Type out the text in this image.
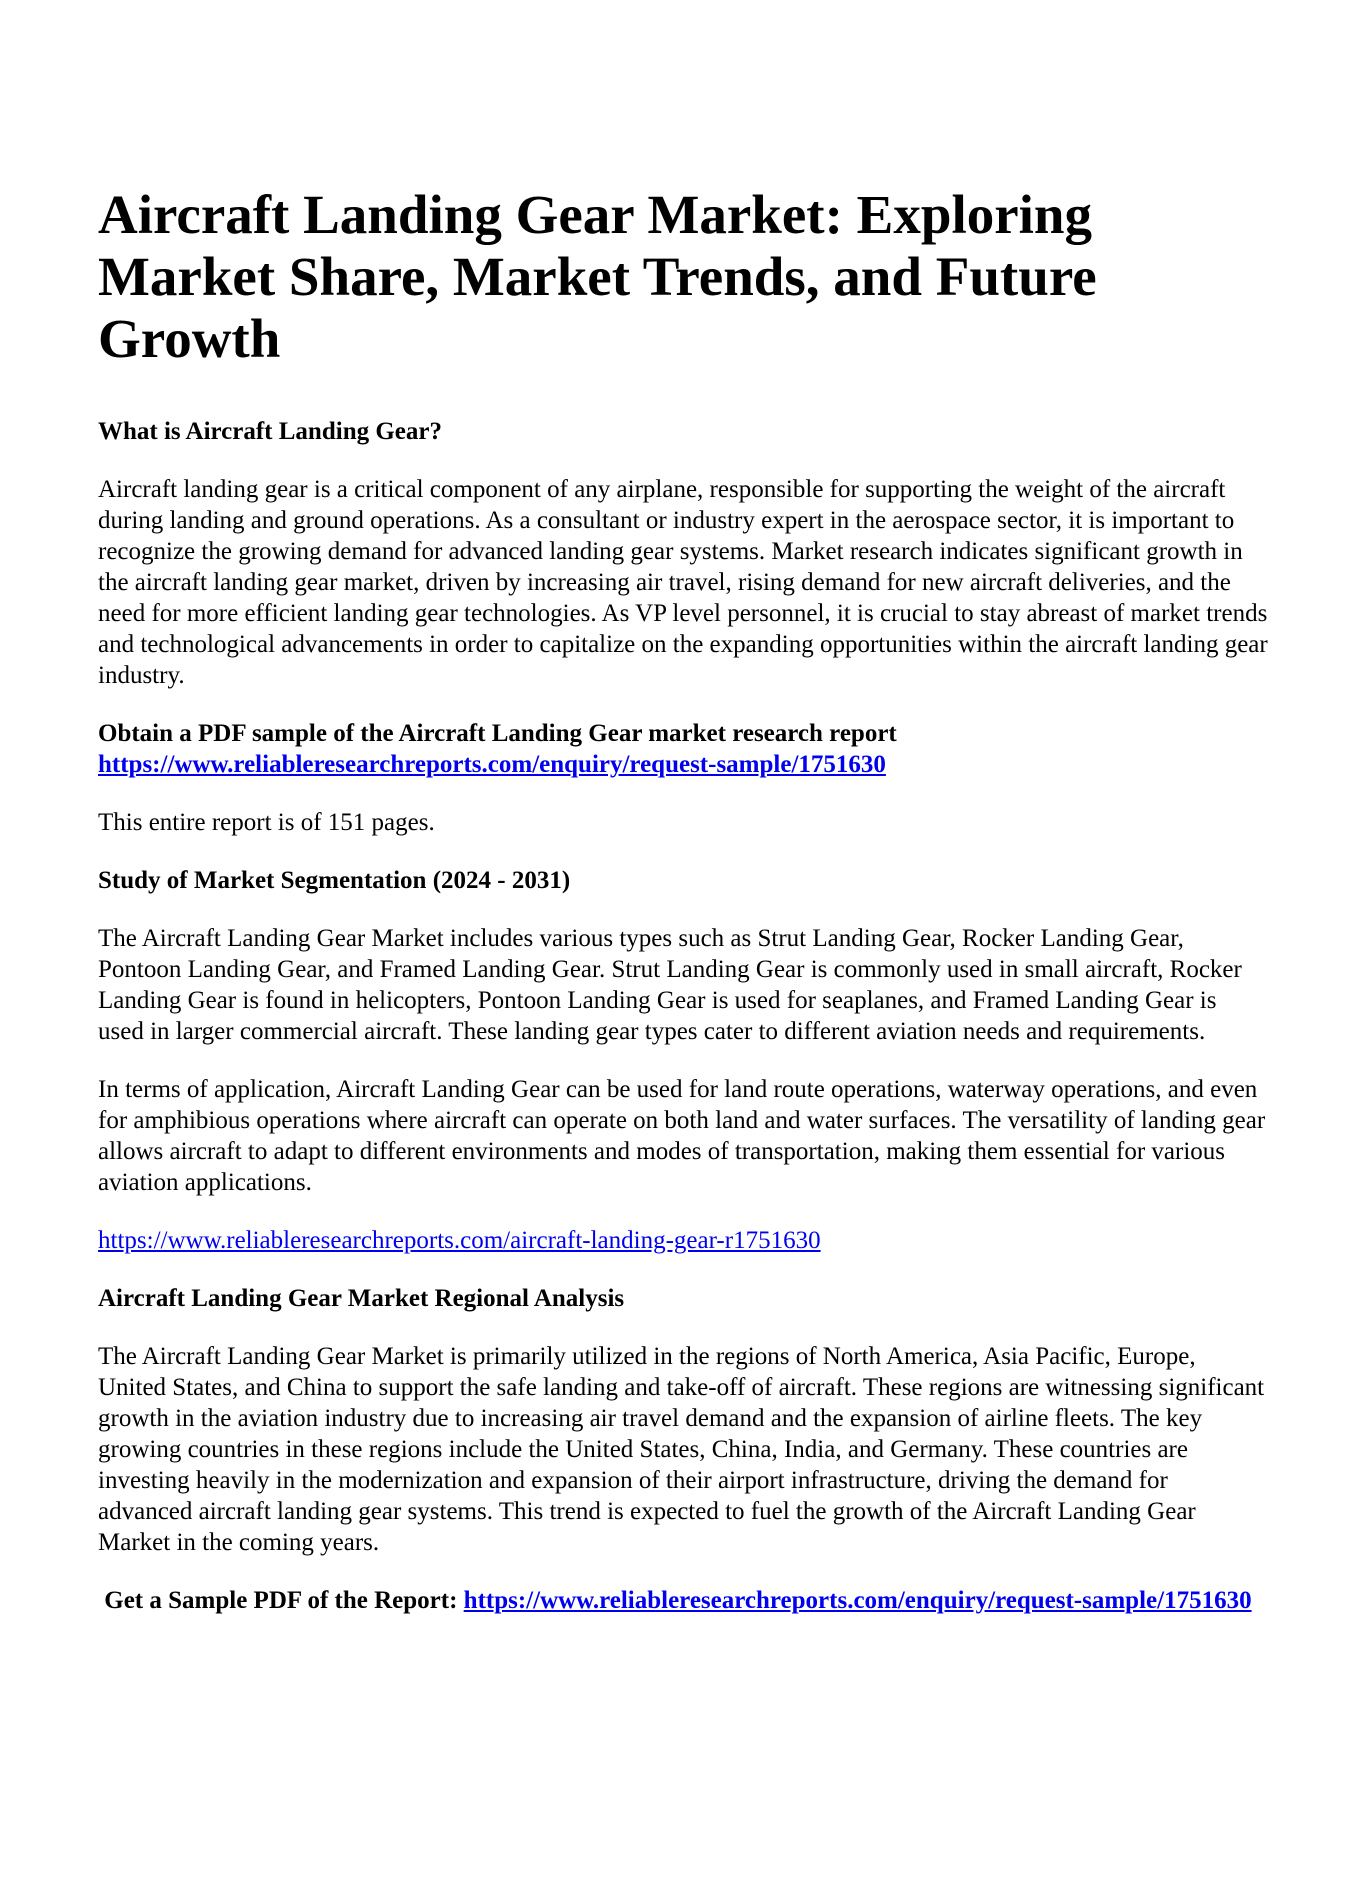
Aircraft Landing Gear Market: Exploring Market Share, Market Trends, and Future Growth
What is Aircraft Landing Gear?

Aircraft landing gear is a critical component of any airplane, responsible for supporting the weight of the aircraft during landing and ground operations. As a consultant or industry expert in the aerospace sector, it is important to recognize the growing demand for advanced landing gear systems. Market research indicates significant growth in the aircraft landing gear market, driven by increasing air travel, rising demand for new aircraft deliveries, and the need for more efficient landing gear technologies. As VP level personnel, it is crucial to stay abreast of market trends and technological advancements in order to capitalize on the expanding opportunities within the aircraft landing gear industry.

Obtain a PDF sample of the Aircraft Landing Gear market research report https://www.reliableresearchreports.com/enquiry/request-sample/1751630

This entire report is of 151 pages.

Study of Market Segmentation (2024 - 2031)

The Aircraft Landing Gear Market includes various types such as Strut Landing Gear, Rocker Landing Gear, Pontoon Landing Gear, and Framed Landing Gear. Strut Landing Gear is commonly used in small aircraft, Rocker Landing Gear is found in helicopters, Pontoon Landing Gear is used for seaplanes, and Framed Landing Gear is used in larger commercial aircraft. These landing gear types cater to different aviation needs and requirements.

In terms of application, Aircraft Landing Gear can be used for land route operations, waterway operations, and even for amphibious operations where aircraft can operate on both land and water surfaces. The versatility of landing gear allows aircraft to adapt to different environments and modes of transportation, making them essential for various aviation applications.

https://www.reliableresearchreports.com/aircraft-landing-gear-r1751630

Aircraft Landing Gear Market Regional Analysis

The Aircraft Landing Gear Market is primarily utilized in the regions of North America, Asia Pacific, Europe, United States, and China to support the safe landing and take-off of aircraft. These regions are witnessing significant growth in the aviation industry due to increasing air travel demand and the expansion of airline fleets. The key growing countries in these regions include the United States, China, India, and Germany. These countries are investing heavily in the modernization and expansion of their airport infrastructure, driving the demand for advanced aircraft landing gear systems. This trend is expected to fuel the growth of the Aircraft Landing Gear Market in the coming years.

Get a Sample PDF of the Report: https://www.reliableresearchreports.com/enquiry/request-sample/1751630
